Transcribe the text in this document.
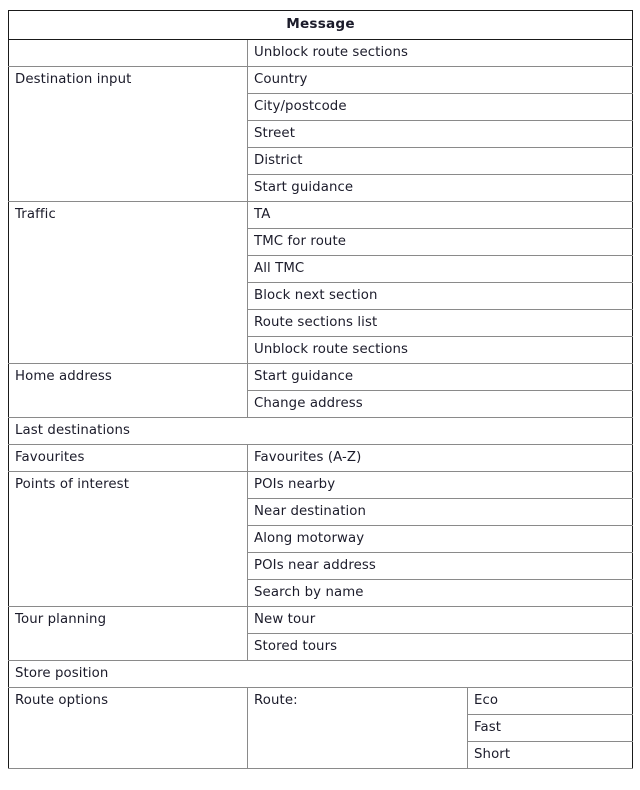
Message		
	Unblock route sections	
Destination input	Country	
	City/postcode	
	Street	
	District	
	Start guidance	
Traffic	TA	
	TMC for route	
	All TMC	
	Block next section	
	Route sections list	
	Unblock route sections	
Home address	Start guidance	
	Change address	
Last destinations		
Favourites	Favourites (A-Z)	
Points of interest	POIs nearby	
	Near destination	
	Along motorway	
	POIs near address	
	Search by name	
Tour planning	New tour	
	Stored tours	
Store position		
Route options	Route:	Eco
		Fast
		Short
